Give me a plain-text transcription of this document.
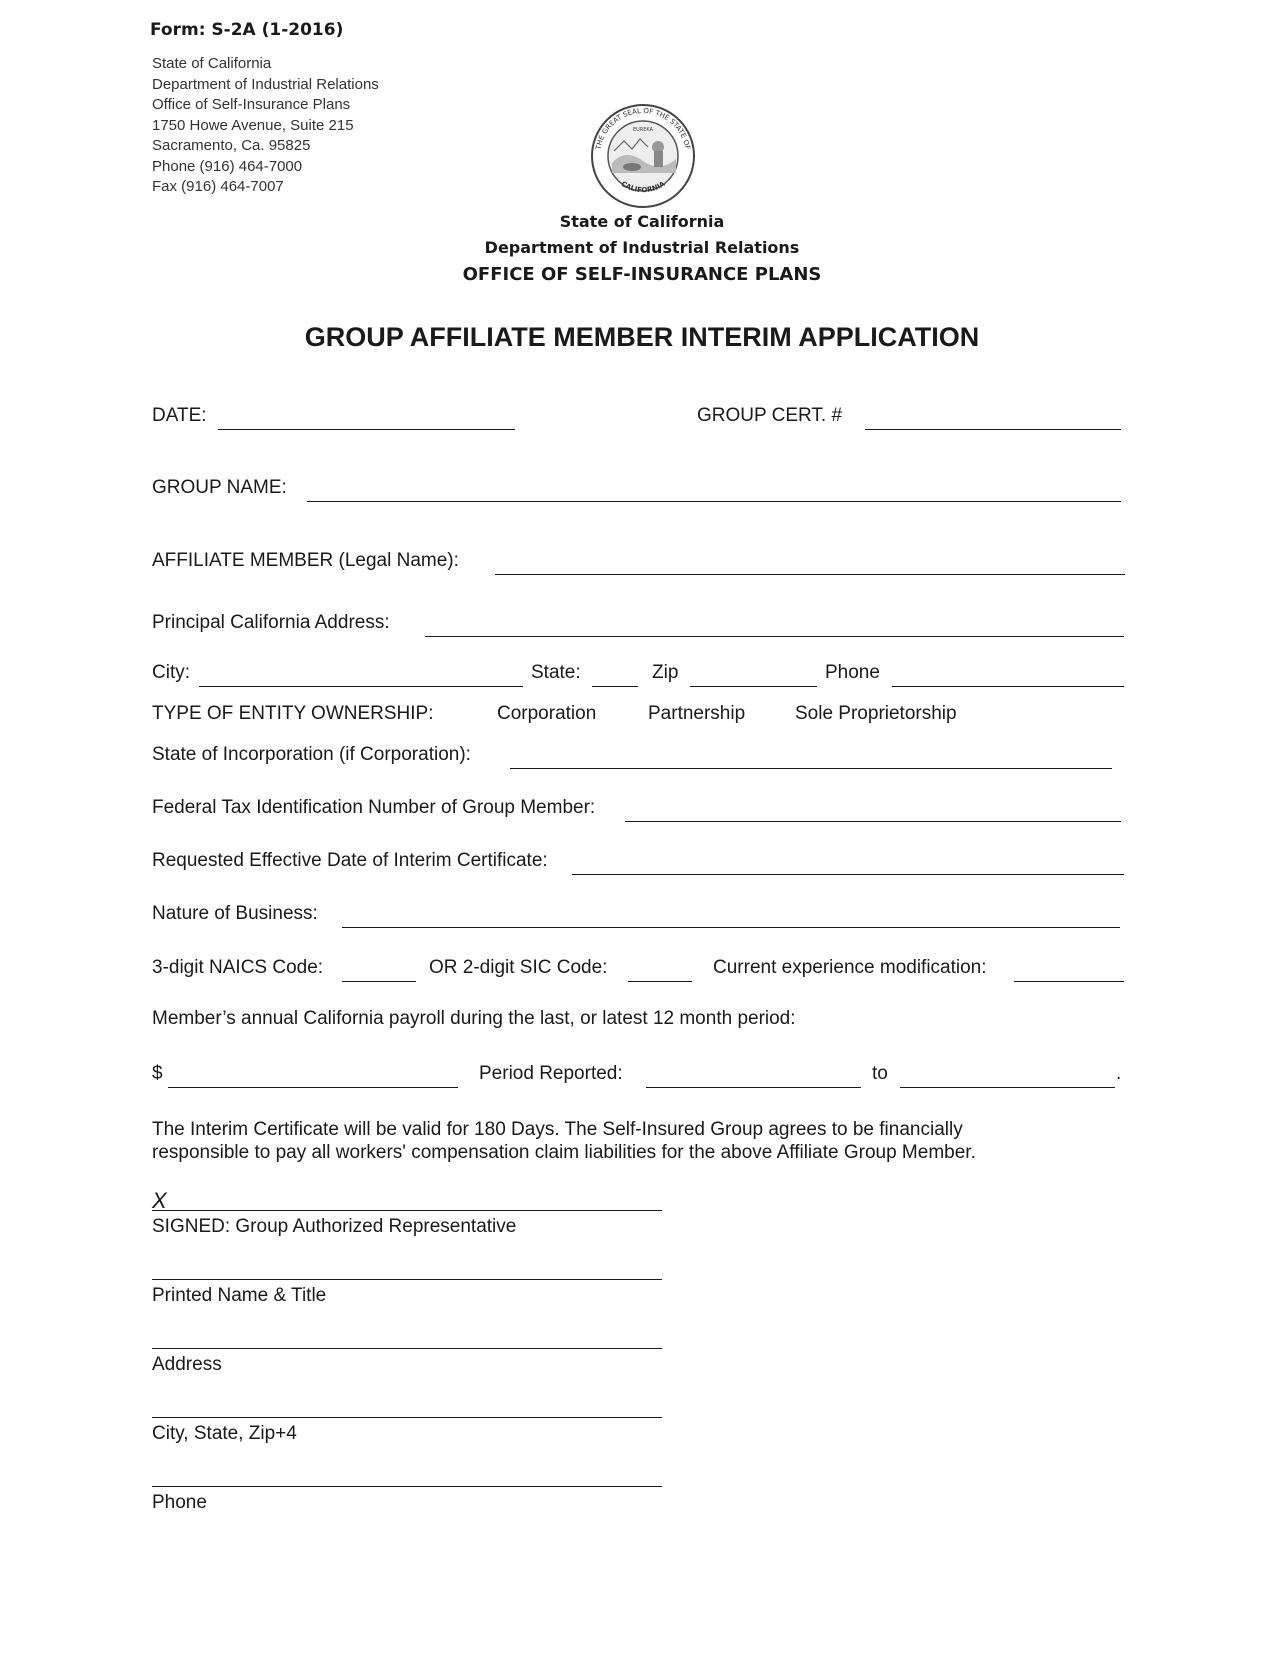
Form: S-2A (1-2016)
State of California
Department of Industrial Relations
Office of Self-Insurance Plans
1750 Howe Avenue, Suite 215
Sacramento, Ca. 95825
Phone (916) 464-7000
Fax (916) 464-7007
THE GREAT SEAL OF THE STATE OF
CALIFORNIA
EUREKA
State of California
Department of Industrial Relations
OFFICE OF SELF-INSURANCE PLANS
GROUP AFFILIATE MEMBER INTERIM APPLICATION
DATE:	GROUP CERT. #
GROUP NAME:
AFFILIATE MEMBER (Legal Name):
Principal California Address:
City:	State:	Zip	Phone
TYPE OF ENTITY OWNERSHIP:	Corporation	Partnership	Sole Proprietorship
State of Incorporation (if Corporation):
Federal Tax Identification Number of Group Member:
Requested Effective Date of Interim Certificate:
Nature of Business:
3-digit NAICS Code:	OR 2-digit SIC Code:	Current experience modification:
Member’s annual California payroll during the last, or latest 12 month period:
$	Period Reported:	to	.
The Interim Certificate will be valid for 180 Days. The Self-Insured Group agrees to be financially
responsible to pay all workers' compensation claim liabilities for the above Affiliate Group Member.
X
SIGNED: Group Authorized Representative
Printed Name & Title
Address
City, State, Zip+4
Phone
